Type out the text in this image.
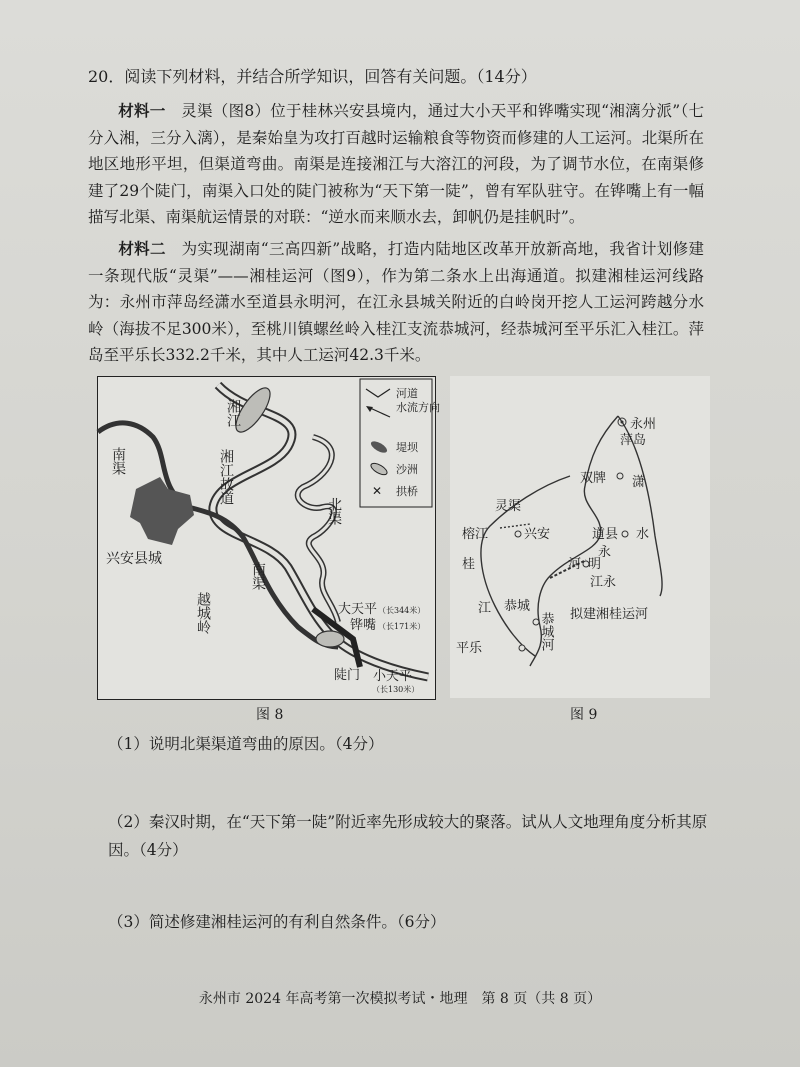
20．阅读下列材料，并结合所学知识，回答有关问题。（14分）
材料一　 灵渠（图8）位于桂林兴安县境内，通过大小天平和铧嘴实现“湘漓分派”（七分入湘，三分入漓），是秦始皇为攻打百越时运输粮食等物资而修建的人工运河。北渠所在地区地形平坦，但渠道弯曲。南渠是连接湘江与大溶江的河段，为了调节水位，在南渠修建了29个陡门，南渠入口处的陡门被称为“天下第一陡”，曾有军队驻守。在铧嘴上有一幅描写北渠、南渠航运情景的对联：“逆水而来顺水去，卸帆仍是挂帆时”。
材料二　 为实现湖南“三高四新”战略，打造内陆地区改革开放新高地，我省计划修建一条现代版“灵渠”——湘桂运河（图9），作为第二条水上出海通道。拟建湘桂运河线路为：永州市萍岛经潇水至道县永明河，在江永县城关附近的白岭岗开挖人工运河跨越分水岭（海拔不足300米），至桃川镇螺丝岭入桂江支流恭城河，经恭城河至平乐汇入桂江。萍岛至平乐长332.2千米，其中人工运河42.3千米。
河道
水流方向
堤坝
沙洲
✕ 拱桥
湘江
湘江故道
南渠
南渠
北渠
兴安县城
越城岭	大天平 （长344米）
铧嘴 （长171米）
陡门 小天平
（长130米）
图 8
永州
萍岛
双牌 潇
水
灵渠
榕江
桂
兴安	道县
永
明
河
江永
江 恭城
恭城河
平乐
拟建湘桂运河
图 9
（1）说明北渠渠道弯曲的原因。（4分）
（2）秦汉时期，在“天下第一陡”附近率先形成较大的聚落。试从人文地理角度分析其原因。（4分）
（3）简述修建湘桂运河的有利自然条件。（6分）
永州市 2024 年高考第一次模拟考试・地理　第 8 页（共 8 页）
